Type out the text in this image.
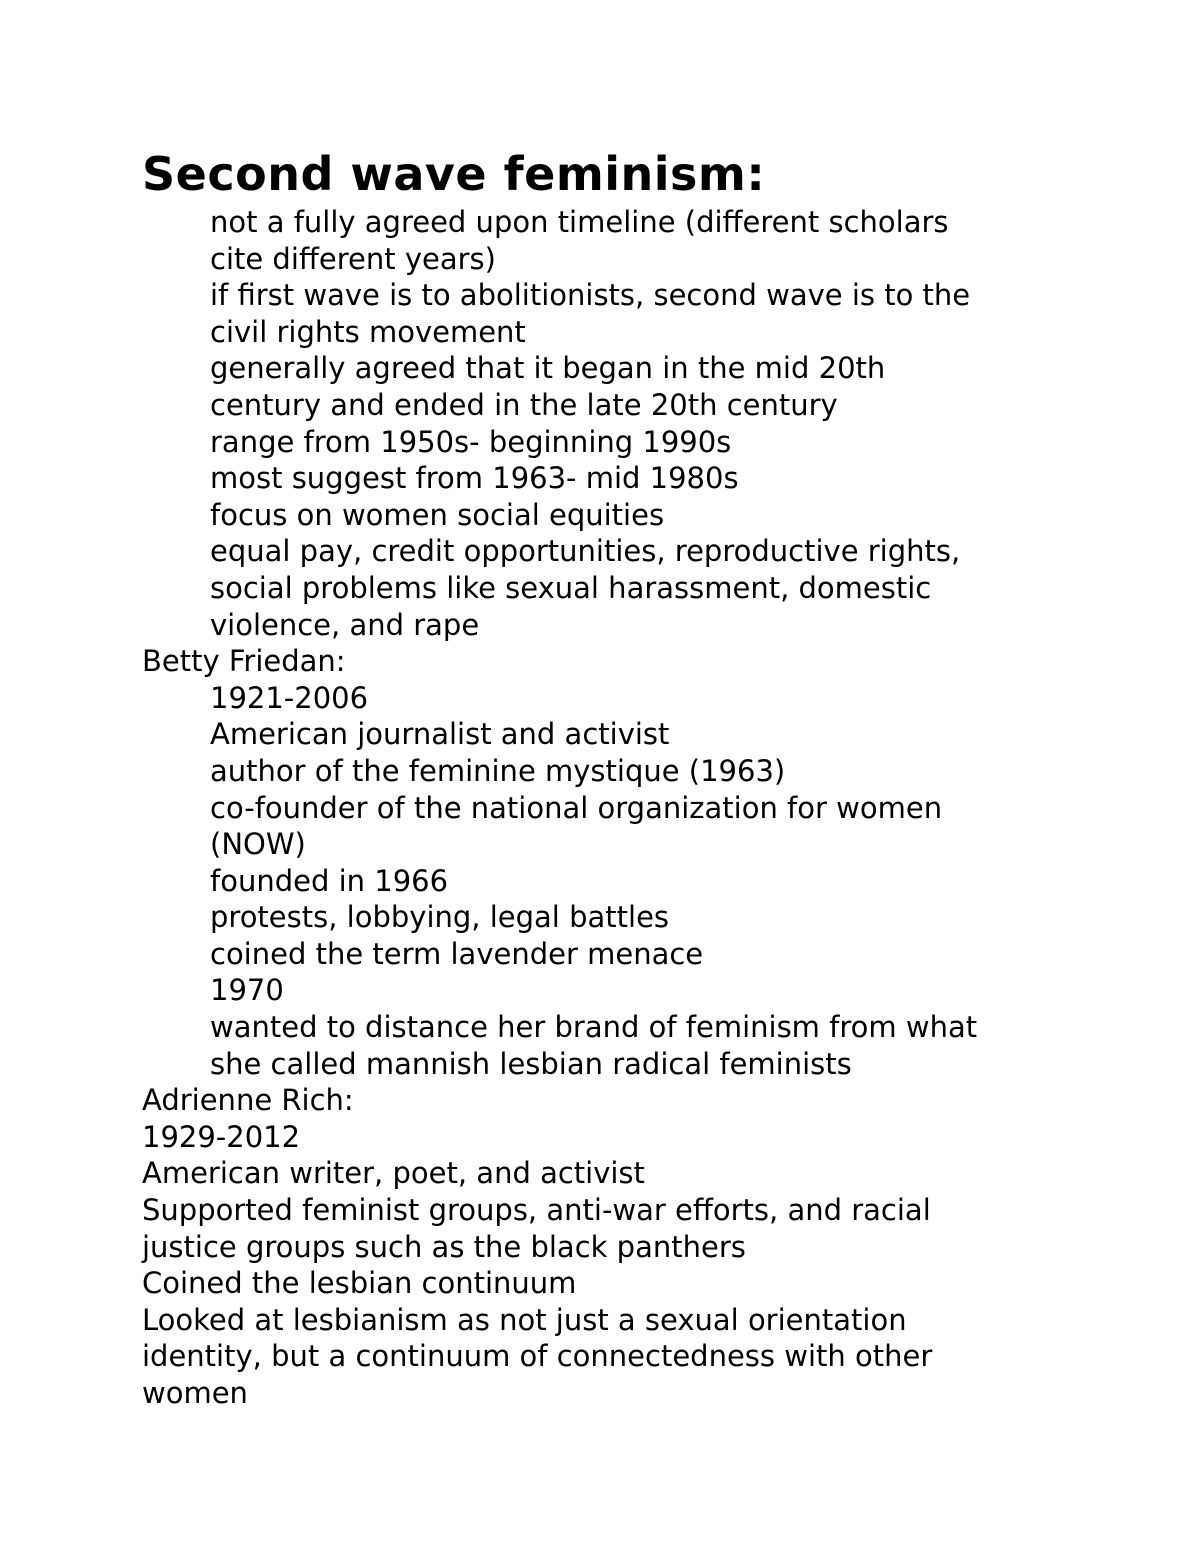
Second wave feminism:

not a fully agreed upon timeline (different scholars

cite different years)

if first wave is to abolitionists, second wave is to the

civil rights movement

generally agreed that it began in the mid 20th

century and ended in the late 20th century

range from 1950s- beginning 1990s

most suggest from 1963- mid 1980s

focus on women social equities

equal pay, credit opportunities, reproductive rights,

social problems like sexual harassment, domestic

violence, and rape

Betty Friedan:

1921-2006

American journalist and activist

author of the feminine mystique (1963)

co-founder of the national organization for women

(NOW)

founded in 1966

protests, lobbying, legal battles

coined the term lavender menace

1970

wanted to distance her brand of feminism from what

she called mannish lesbian radical feminists

Adrienne Rich:

1929-2012

American writer, poet, and activist

Supported feminist groups, anti-war efforts, and racial

justice groups such as the black panthers

Coined the lesbian continuum

Looked at lesbianism as not just a sexual orientation

identity, but a continuum of connectedness with other

women
